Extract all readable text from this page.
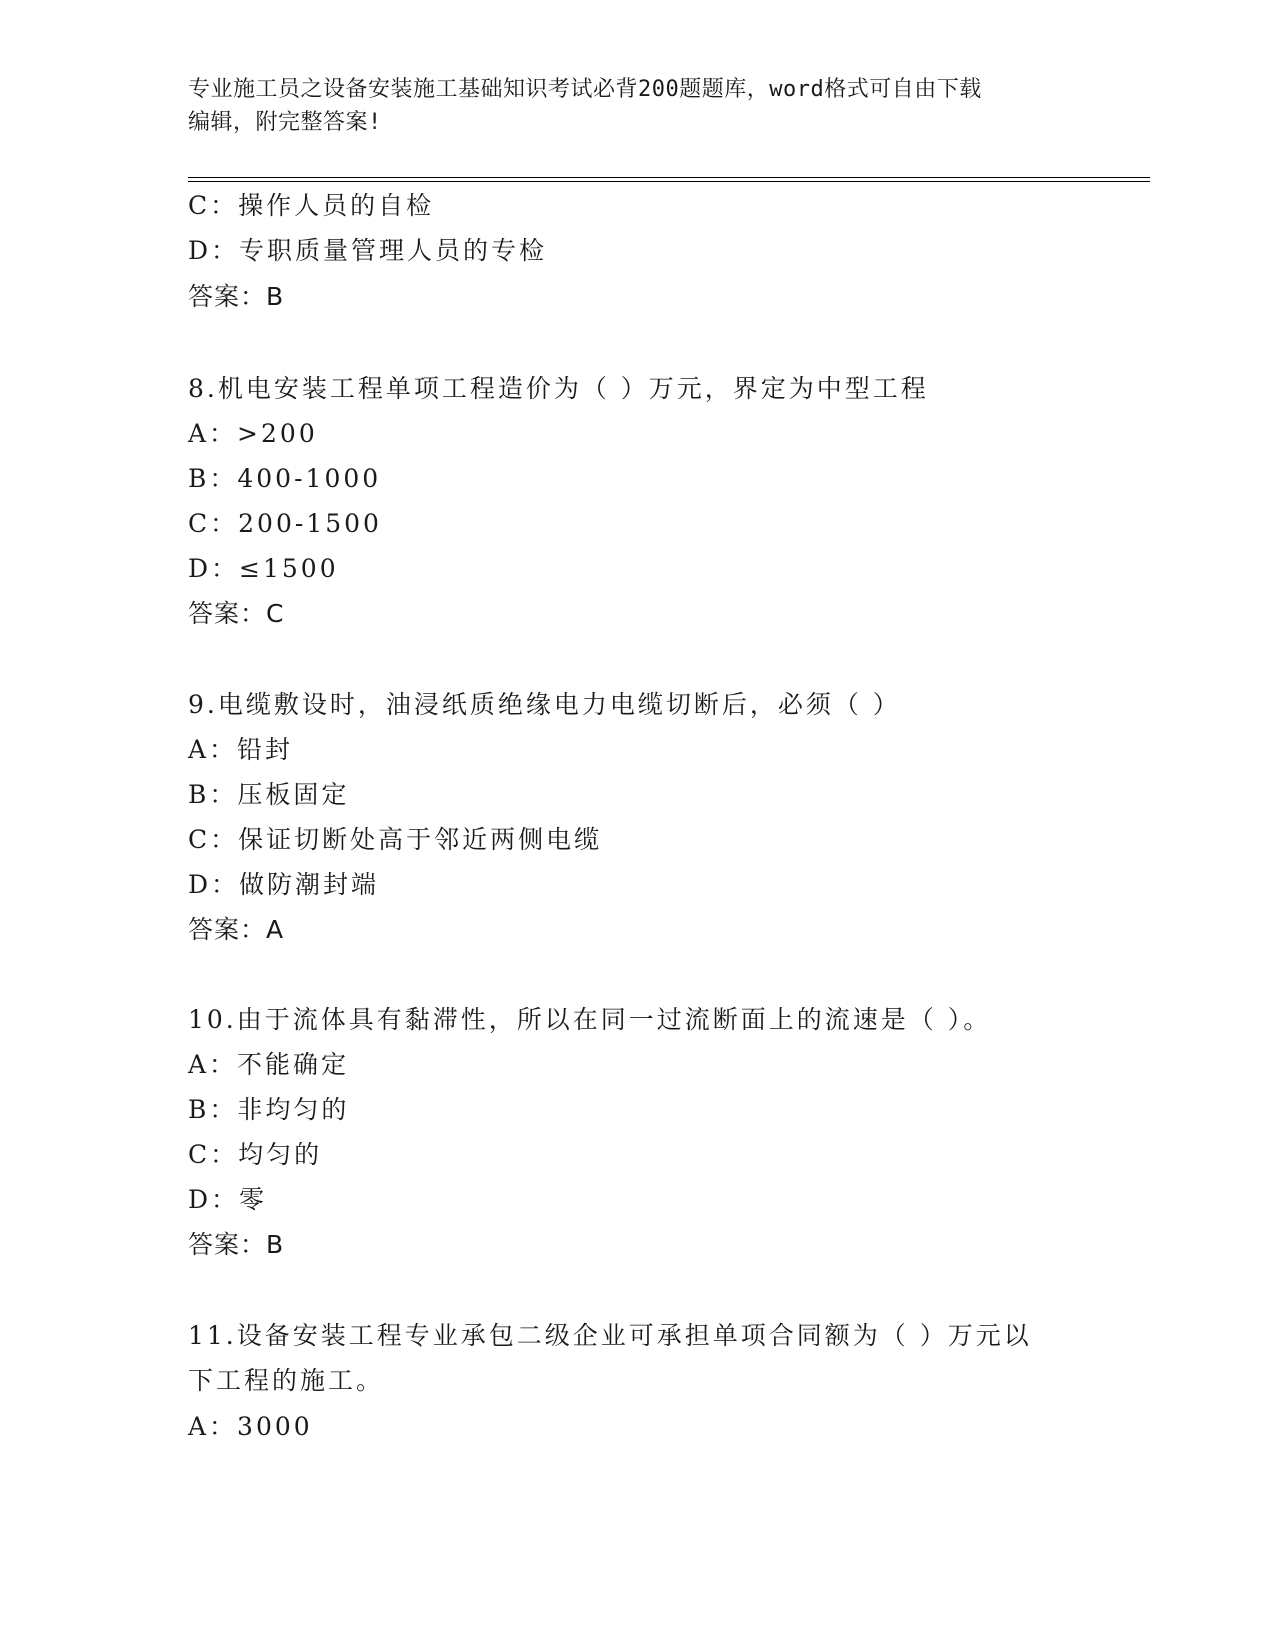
专业施工员之设备安装施工基础知识考试必背200题题库，word格式可自由下载
编辑，附完整答案!
C：操作人员的自检
D：专职质量管理人员的专检
答案：B
8.机电安装工程单项工程造价为（ ）万元，界定为中型工程
A：>200
B：400-1000
C：200-1500
D：≤1500
答案：C
9.电缆敷设时，油浸纸质绝缘电力电缆切断后，必须（ ）
A：铅封
B：压板固定
C：保证切断处高于邻近两侧电缆
D：做防潮封端
答案：A
10.由于流体具有黏滞性，所以在同一过流断面上的流速是（ ）。
A：不能确定
B：非均匀的
C：均匀的
D：零
答案：B
11.设备安装工程专业承包二级企业可承担单项合同额为（ ）万元以
下工程的施工。
A：3000
